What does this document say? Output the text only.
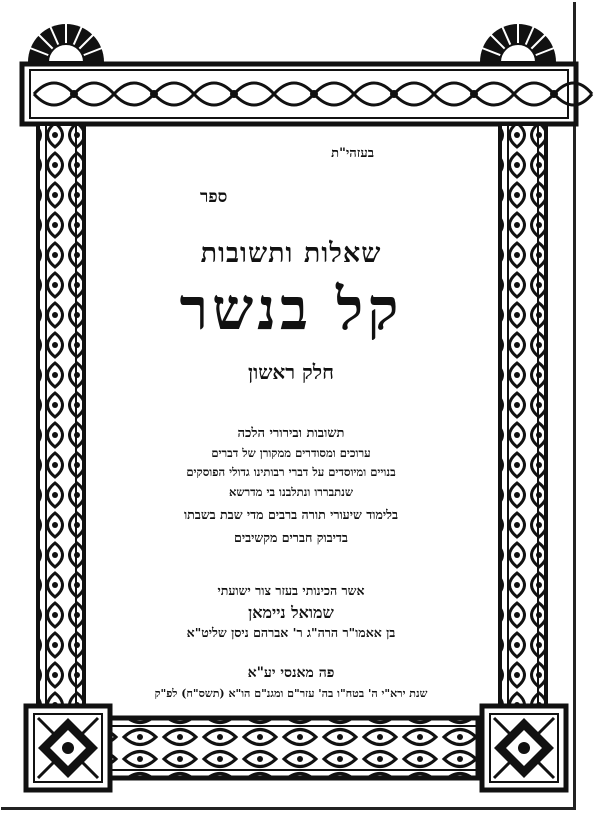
בעזהי"ת
ספר
שאלות ותשובות
קל בנשר
חלק ראשון
תשובות ובירורי הלכה
ערוכים ומסודרים ממקורן של דברים
בנויים ומיוסדים על דברי רבותינו גדולי הפוסקים
שנתבררו ונתלבנו בי מדרשא
בלימוד שיעורי תורה ברבים מדי שבת בשבתו
בדיבוק חברים מקשיבים
אשר הכינותי בעזר צור ישועתי
שמואל ניימאן
בן אאמו"ר הרה"ג ר' אברהם ניסן שליט"א
פה מאנסי יע"א
שנת ירא"י ה' בטח"ו בה' עזר"ם ומגנ"ם הו"א (תשס"ח) לפ"ק
